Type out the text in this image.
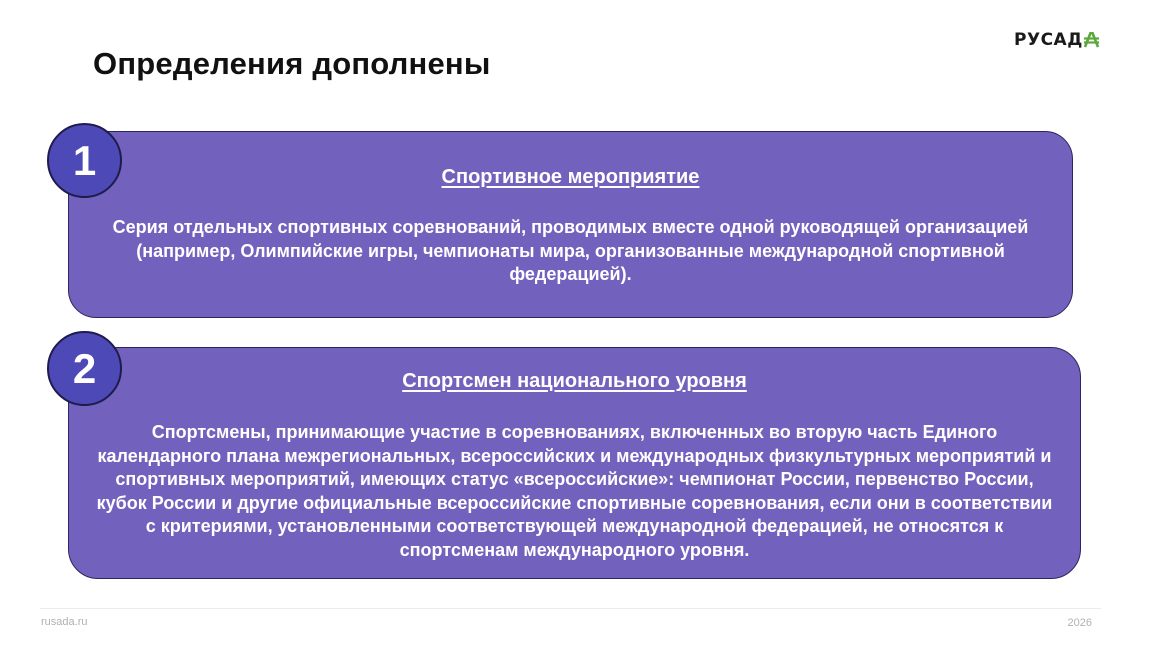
Определения дополнены
РУСАД
Спортивное мероприятие
Серия отдельных спортивных соревнований, проводимых вместе одной руководящей организацией (например, Олимпийские игры, чемпионаты мира, организованные международной спортивной федерацией).
1
Спортсмен национального уровня
Спортсмены, принимающие участие в соревнованиях, включенных во вторую часть Единого календарного плана межрегиональных, всероссийских и международных физкультурных мероприятий и спортивных мероприятий, имеющих статус «всероссийские»: чемпионат России, первенство России, кубок России и другие официальные всероссийские спортивные соревнования, если они в соответствии с критериями, установленными соответствующей международной федерацией, не относятся к спортсменам международного уровня.
2
rusada.ru	2026
